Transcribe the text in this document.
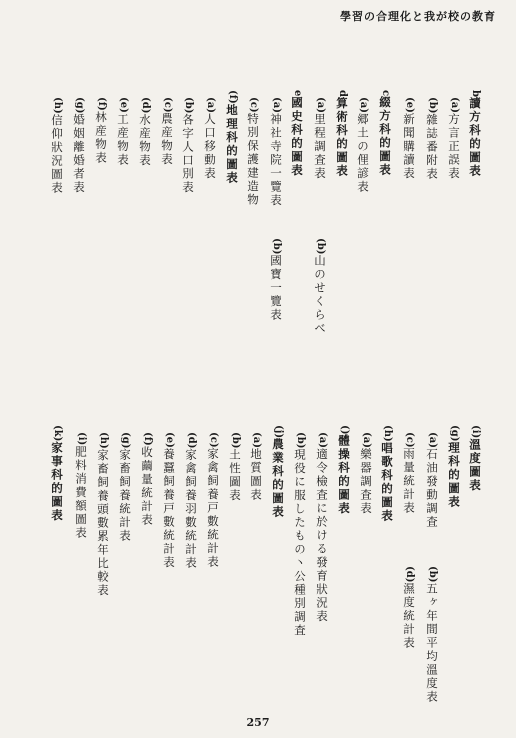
學習の合理化と我が校の教育
b讀方科的圖表
(a)方言正誤表
(b)雜誌番附表
(e)新聞購讀表
c綴方科的圖表
(a)郷土の俚諺表
d算術科的圖表
(a)里程調査表
e國史科的圖表
(a)神社寺院一覽表
(c)特別保護建造物
(f)地理科的圖表
(a)人口移動表
(b)各字人口別表
(c)農産物表
(d)水産物表
(e)工産物表
(f)林産物表
(g)婚姻離婚者表
(h)信仰狀況圖表
(b)山のせくらべ
(b)國寶一覽表
(i)溫度圖表
(g)理科的圖表
(a)石油發動調査
(c)雨量統計表
(h)唱歌科的圖表
(a)樂器調査表
()體操科的圖表
(a)適令檢査に於ける發育狀況表
(b)現役に服したもの丶公種別調査
(j)農業科的圖表
(a)地質圖表
(b)土性圖表
(c)家禽飼養戸數統計表
(d)家禽飼養羽數統計表
(e)養蠶飼養戸數統計表
(f)收繭量統計表
(g)家畜飼養統計表
(h)家畜飼養頭數累年比較表
(i)肥料消費額圖表
(k)家事科的圖表
(b)五ヶ年間平均溫度表
(d)濕度統計表
257
